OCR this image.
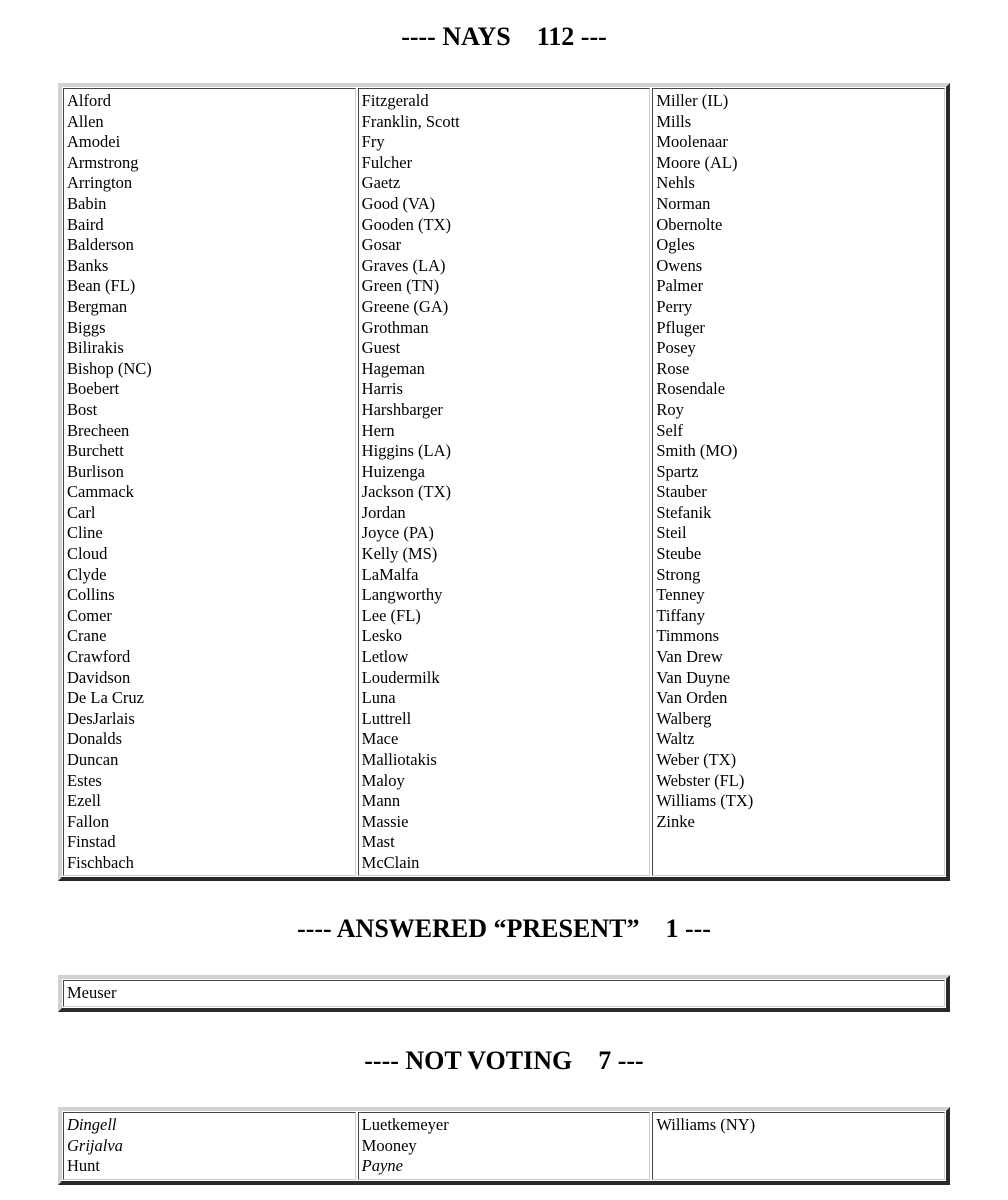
---- NAYS    112 ---
Alford
Allen
Amodei
Armstrong
Arrington
Babin
Baird
Balderson
Banks
Bean (FL)
Bergman
Biggs
Bilirakis
Bishop (NC)
Boebert
Bost
Brecheen
Burchett
Burlison
Cammack
Carl
Cline
Cloud
Clyde
Collins
Comer
Crane
Crawford
Davidson
De La Cruz
DesJarlais
Donalds
Duncan
Estes
Ezell
Fallon
Finstad
Fischbach
Fitzgerald
Franklin, Scott
Fry
Fulcher
Gaetz
Good (VA)
Gooden (TX)
Gosar
Graves (LA)
Green (TN)
Greene (GA)
Grothman
Guest
Hageman
Harris
Harshbarger
Hern
Higgins (LA)
Huizenga
Jackson (TX)
Jordan
Joyce (PA)
Kelly (MS)
LaMalfa
Langworthy
Lee (FL)
Lesko
Letlow
Loudermilk
Luna
Luttrell
Mace
Malliotakis
Maloy
Mann
Massie
Mast
McClain
Miller (IL)
Mills
Moolenaar
Moore (AL)
Nehls
Norman
Obernolte
Ogles
Owens
Palmer
Perry
Pfluger
Posey
Rose
Rosendale
Roy
Self
Smith (MO)
Spartz
Stauber
Stefanik
Steil
Steube
Strong
Tenney
Tiffany
Timmons
Van Drew
Van Duyne
Van Orden
Walberg
Waltz
Weber (TX)
Webster (FL)
Williams (TX)
Zinke
---- ANSWERED “PRESENT”    1 ---
Meuser
---- NOT VOTING    7 ---
Dingell
Grijalva
Hunt
Luetkemeyer
Mooney
Payne
Williams (NY)
